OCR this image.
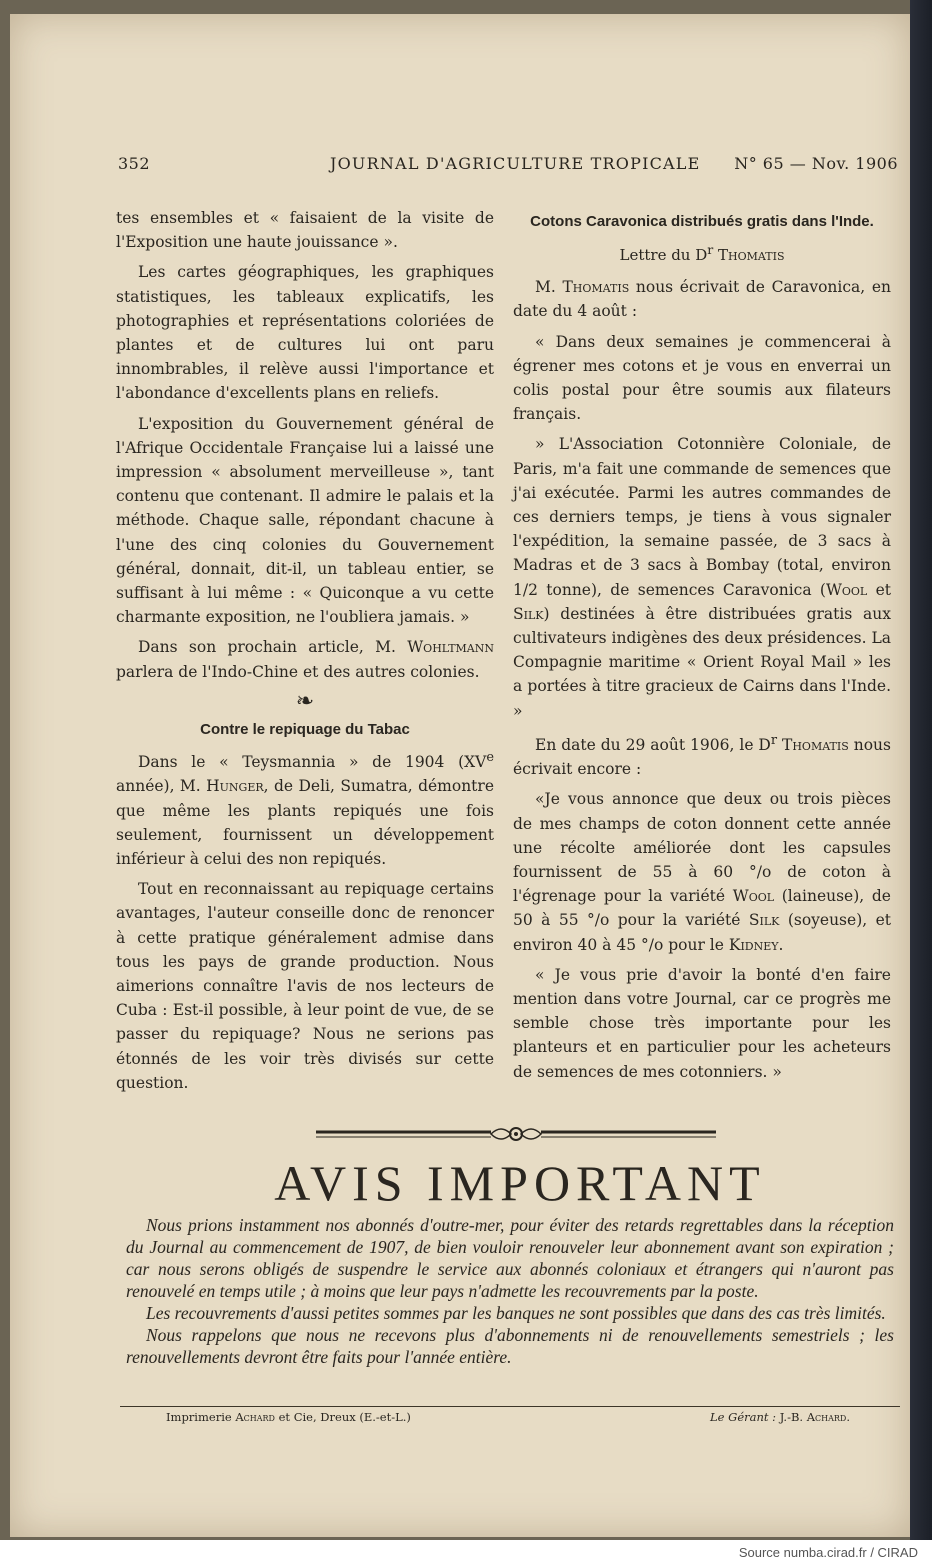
352	JOURNAL D'AGRICULTURE TROPICALE N° 65 — Nov. 1906

tes ensembles et « faisaient de la visite de l'Exposition une haute jouissance ».

Les cartes géographiques, les graphiques statistiques, les tableaux explicatifs, les photographies et représentations coloriées de plantes et de cultures lui ont paru innombrables, il relève aussi l'importance et l'abondance d'excellents plans en reliefs.

L'exposition du Gouvernement général de l'Afrique Occidentale Française lui a laissé une impression « absolument merveilleuse », tant contenu que contenant. Il admire le palais et la méthode. Chaque salle, répondant chacune à l'une des cinq colonies du Gouvernement général, donnait, dit-il, un tableau entier, se suffisant à lui même : « Quiconque a vu cette charmante exposition, ne l'oubliera jamais. »

Dans son prochain article, M. Wohltmann parlera de l'Indo-Chine et des autres colonies.

❧
Contre le repiquage du Tabac

Dans le « Teysmannia » de 1904 (XVe année), M. Hunger, de Deli, Sumatra, démontre que même les plants repiqués une fois seulement, fournissent un développement inférieur à celui des non repiqués.

Tout en reconnaissant au repiquage certains avantages, l'auteur conseille donc de renoncer à cette pratique généralement admise dans tous les pays de grande production. Nous aimerions connaître l'avis de nos lecteurs de Cuba : Est-il possible, à leur point de vue, de se passer du repiquage? Nous ne serions pas étonnés de les voir très divisés sur cette question.

Cotons Caravonica distribués gratis dans l'Inde.
Lettre du $D^r$ Thomatis

M. Thomatis nous écrivait de Caravonica, en date du 4 août :

« Dans deux semaines je commencerai à égrener mes cotons et je vous en enverrai un colis postal pour être soumis aux filateurs français.

» L'Association Cotonnière Coloniale, de Paris, m'a fait une commande de semences que j'ai exécutée. Parmi les autres commandes de ces derniers temps, je tiens à vous signaler l'expédition, la semaine passée, de 3 sacs à Madras et de 3 sacs à Bombay (total, environ 1/2 tonne), de semences Caravonica (Wool et Silk) destinées à être distribuées gratis aux cultivateurs indigènes des deux présidences. La Compagnie maritime « Orient Royal Mail » les a portées à titre gracieux de Cairns dans l'Inde. »

En date du 29 août 1906, le $D^r$ Thomatis nous écrivait encore :

«Je vous annonce que deux ou trois pièces de mes champs de coton donnent cette année une récolte améliorée dont les capsules fournissent de 55 à 60 °/o de coton à l'égrenage pour la variété Wool (laineuse), de 50 à 55 °/o pour la variété Silk (soyeuse), et environ 40 à 45 °/o pour le Kidney.

« Je vous prie d'avoir la bonté d'en faire mention dans votre Journal, car ce progrès me semble chose très importante pour les planteurs et en particulier pour les acheteurs de semences de mes cotonniers. »

AVIS IMPORTANT

Nous prions instamment nos abonnés d'outre-mer, pour éviter des retards regrettables dans la réception du Journal au commencement de 1907, de bien vouloir renouveler leur abonnement avant son expiration ; car nous serons obligés de suspendre le service aux abonnés coloniaux et étrangers qui n'auront pas renouvelé en temps utile ; à moins que leur pays n'admette les recouvrements par la poste.

Les recouvrements d'aussi petites sommes par les banques ne sont possibles que dans des cas très limités.

Nous rappelons que nous ne recevons plus d'abonnements ni de renouvellements semestriels ; les renouvellements devront être faits pour l'année entière.

Imprimerie Achard et Cie, Dreux (E.-et-L.)	Le Gérant : J.-B. Achard.
Source numba.cirad.fr / CIRAD
